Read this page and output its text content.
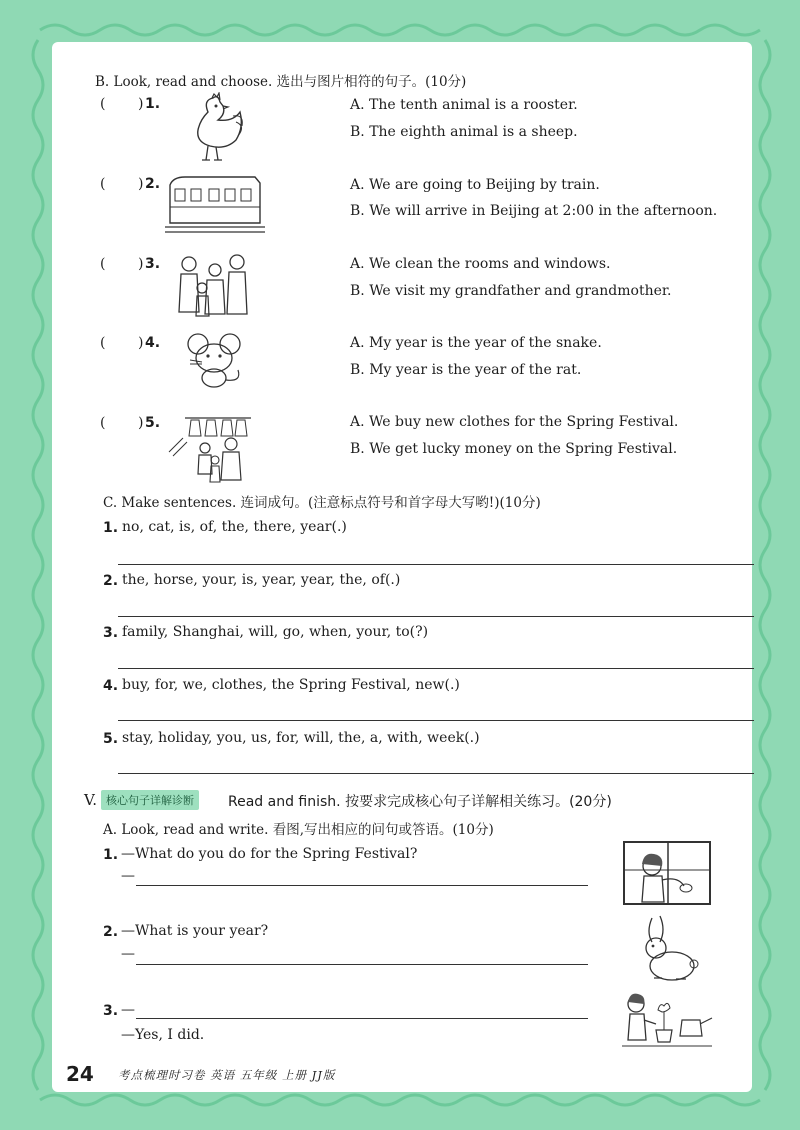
B. Look, read and choose. 选出与图片相符的句子。(10分)
( ) 1.	A. The tenth animal is a rooster.
B. The eighth animal is a sheep.
( ) 2.	A. We are going to Beijing by train.
B. We will arrive in Beijing at 2:00 in the afternoon.
( ) 3.	A. We clean the rooms and windows.
B. We visit my grandfather and grandmother.
( ) 4.	A. My year is the year of the snake.
B. My year is the year of the rat.
( ) 5.	A. We buy new clothes for the Spring Festival.
B. We get lucky money on the Spring Festival.
C. Make sentences. 连词成句。(注意标点符号和首字母大写哟!)(10分)
1. no, cat, is, of, the, there, year(.)
2. the, horse, your, is, year, year, the, of(.)
3. family, Shanghai, will, go, when, your, to(?)
4. buy, for, we, clothes, the Spring Festival, new(.)
5. stay, holiday, you, us, for, will, the, a, with, week(.)
V. 核心句子详解诊断	Read and finish. 按要求完成核心句子详解相关练习。(20分)
A. Look, read and write. 看图,写出相应的问句或答语。(10分)
1. —What do you do for the Spring Festival?
—
2. —What is your year?
—
3. —
—Yes, I did.
24 考点梳理时习卷 英语 五年级 上册 JJ版
